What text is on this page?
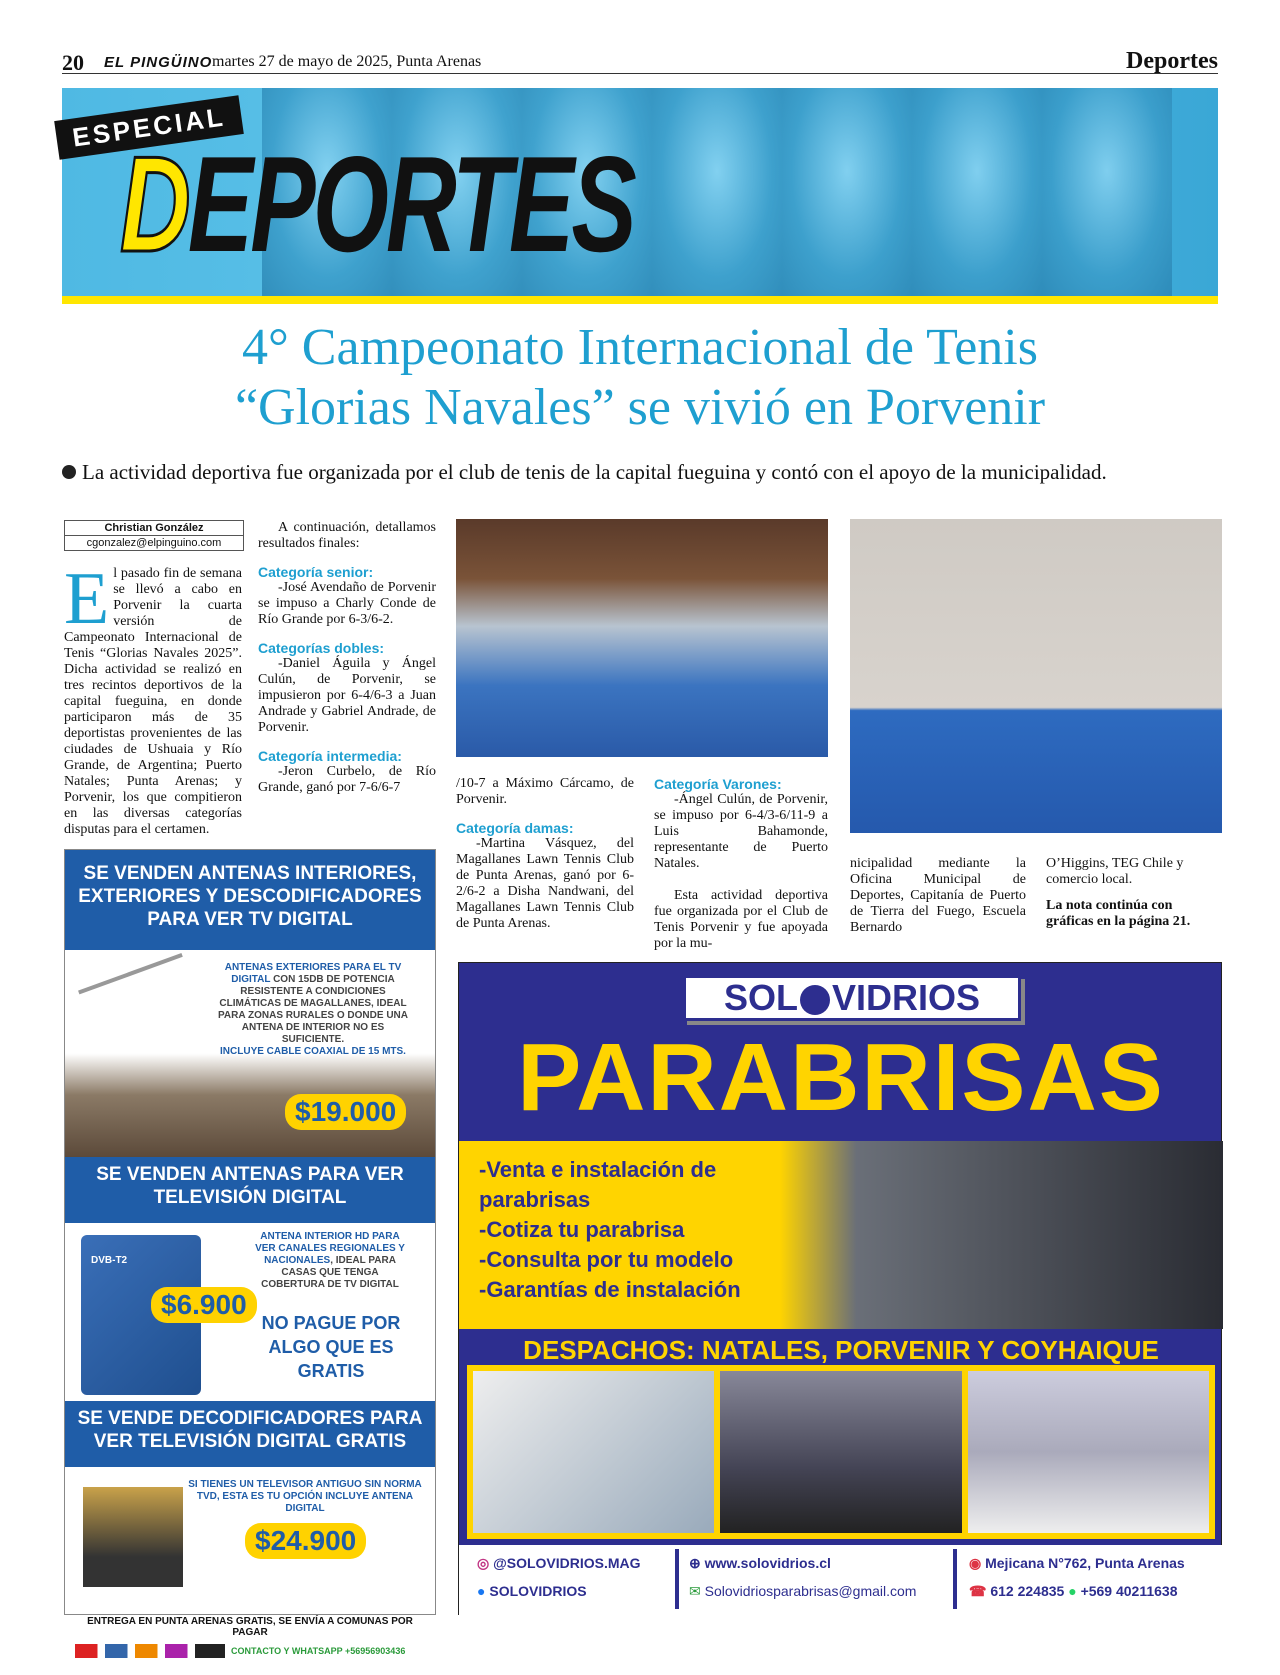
20 EL PINGÜINO martes 27 de mayo de 2025, Punta Arenas	Deportes
ESPECIAL
DEPORTES
4° Campeonato Internacional de Tenis
“Glorias Navales” se vivió en Porvenir
La actividad deportiva fue organizada por el club de tenis de la capital fueguina y contó con el apoyo de la municipalidad.
Christian González
cgonzalez@elpinguino.com
El pasado fin de semana se llevó a cabo en Porvenir la cuarta versión de Campeonato Internacional de Tenis “Glorias Navales 2025”. Dicha actividad se realizó en tres recintos deportivos de la capital fueguina, en donde participaron más de 35 deportistas provenientes de las ciudades de Ushuaia y Río Grande, de Argentina; Puerto Natales; Punta Arenas; y Porvenir, los que compitieron en las diversas categorías disputas para el certamen.
A continuación, detallamos resultados finales:
Categoría senior:
-José Avendaño de Porvenir se impuso a Charly Conde de Río Grande por 6-3/6-2.
Categorías dobles:
-Daniel Águila y Ángel Culún, de Porvenir, se impusieron por 6-4/6-3 a Juan Andrade y Gabriel Andrade, de Porvenir.
Categoría intermedia:
-Jeron Curbelo, de Río Grande, ganó por 7-6/6-7	/10-7 a Máximo Cárcamo, de Porvenir.
Categoría damas:
-Martina Vásquez, del Magallanes Lawn Tennis Club de Punta Arenas, ganó por 6-2/6-2 a Disha Nandwani, del Magallanes Lawn Tennis Club de Punta Arenas.
Categoría Varones:
-Ángel Culún, de Porvenir, se impuso por 6-4/3-6/11-9 a Luis Bahamonde, representante de Puerto Natales.
Esta actividad deportiva fue organizada por el Club de Tenis Porvenir y fue apoyada por la mu-
nicipalidad mediante la Oficina Municipal de Deportes, Capitanía de Puerto de Tierra del Fuego, Escuela Bernardo
O’Higgins, TEG Chile y comercio local.
La nota continúa con gráficas en la página 21.
SE VENDEN ANTENAS INTERIORES, EXTERIORES Y DESCODIFICADORES PARA VER TV DIGITAL
ANTENAS EXTERIORES PARA EL TV DIGITAL CON 15DB DE POTENCIA RESISTENTE A CONDICIONES CLIMÁTICAS DE MAGALLANES, IDEAL PARA ZONAS RURALES O DONDE UNA ANTENA DE INTERIOR NO ES SUFICIENTE.
INCLUYE CABLE COAXIAL DE 15 MTS.
$19.000
SE VENDEN ANTENAS PARA VER TELEVISIÓN DIGITAL
DVB-T2
$6.900
ANTENA INTERIOR HD PARA VER CANALES REGIONALES Y NACIONALES, IDEAL PARA CASAS QUE TENGA COBERTURA DE TV DIGITAL
NO PAGUE POR ALGO QUE ES GRATIS
SE VENDE DECODIFICADORES PARA VER TELEVISIÓN DIGITAL GRATIS
SI TIENES UN TELEVISOR ANTIGUO SIN NORMA TVD, ESTA ES TU OPCIÓN INCLUYE ANTENA DIGITAL
$24.900
ENTREGA EN PUNTA ARENAS GRATIS, SE ENVÍA A COMUNAS POR PAGAR
CONTACTO Y WHATSAPP +56956903436
SOL VIDRIOS
PARABRISAS
-Venta e instalación de parabrisas
-Cotiza tu parabrisa
-Consulta por tu modelo
-Garantías de instalación
DESPACHOS: NATALES, PORVENIR Y COYHAIQUE
◎ @SOLOVIDRIOS.MAG
● SOLOVIDRIOS
⊕ www.solovidrios.cl
✉ Solovidriosparabrisas@gmail.com
◉ Mejicana N°762, Punta Arenas
☎ 612 224835 ● +569 40211638
